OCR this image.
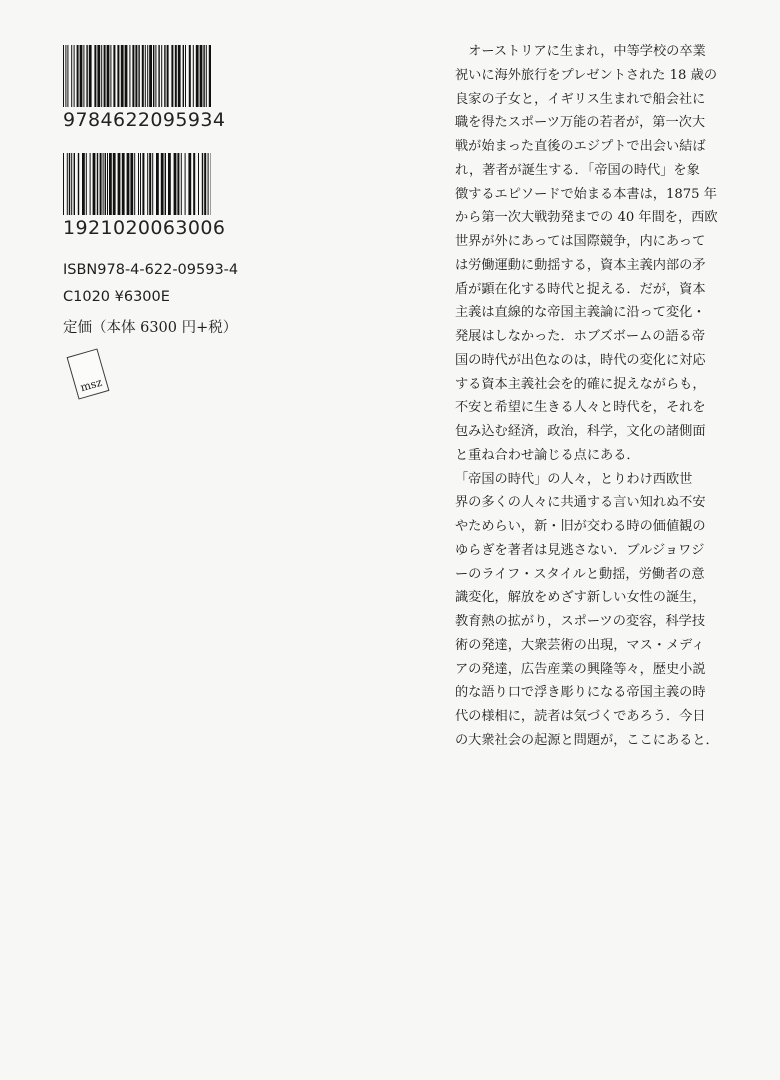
9784622095934
1921020063006
ISBN978-4-622-09593-4
C1020 ¥6300E
定価（本体 6300 円+税）
msz
　オーストリアに生まれ，中等学校の卒業
祝いに海外旅行をプレゼントされた 18 歳の
良家の子女と，イギリス生まれで船会社に
職を得たスポーツ万能の若者が，第一次大
戦が始まった直後のエジプトで出会い結ば
れ，著者が誕生する．「帝国の時代」を象
徴するエピソードで始まる本書は，1875 年
から第一次大戦勃発までの 40 年間を，西欧
世界が外にあっては国際競争，内にあって
は労働運動に動揺する，資本主義内部の矛
盾が顕在化する時代と捉える．だが，資本
主義は直線的な帝国主義論に沿って変化・
発展はしなかった．ホブズボームの語る帝
国の時代が出色なのは，時代の変化に対応
する資本主義社会を的確に捉えながらも，
不安と希望に生きる人々と時代を，それを
包み込む経済，政治，科学，文化の諸側面
と重ね合わせ論じる点にある．
「帝国の時代」の人々，とりわけ西欧世
界の多くの人々に共通する言い知れぬ不安
やためらい，新・旧が交わる時の価値観の
ゆらぎを著者は見逃さない．ブルジョワジ
ーのライフ・スタイルと動揺，労働者の意
識変化，解放をめざす新しい女性の誕生，
教育熱の拡がり，スポーツの変容，科学技
術の発達，大衆芸術の出現，マス・メディ
アの発達，広告産業の興隆等々，歴史小説
的な語り口で浮き彫りになる帝国主義の時
代の様相に，読者は気づくであろう．今日
の大衆社会の起源と問題が，ここにあると．
